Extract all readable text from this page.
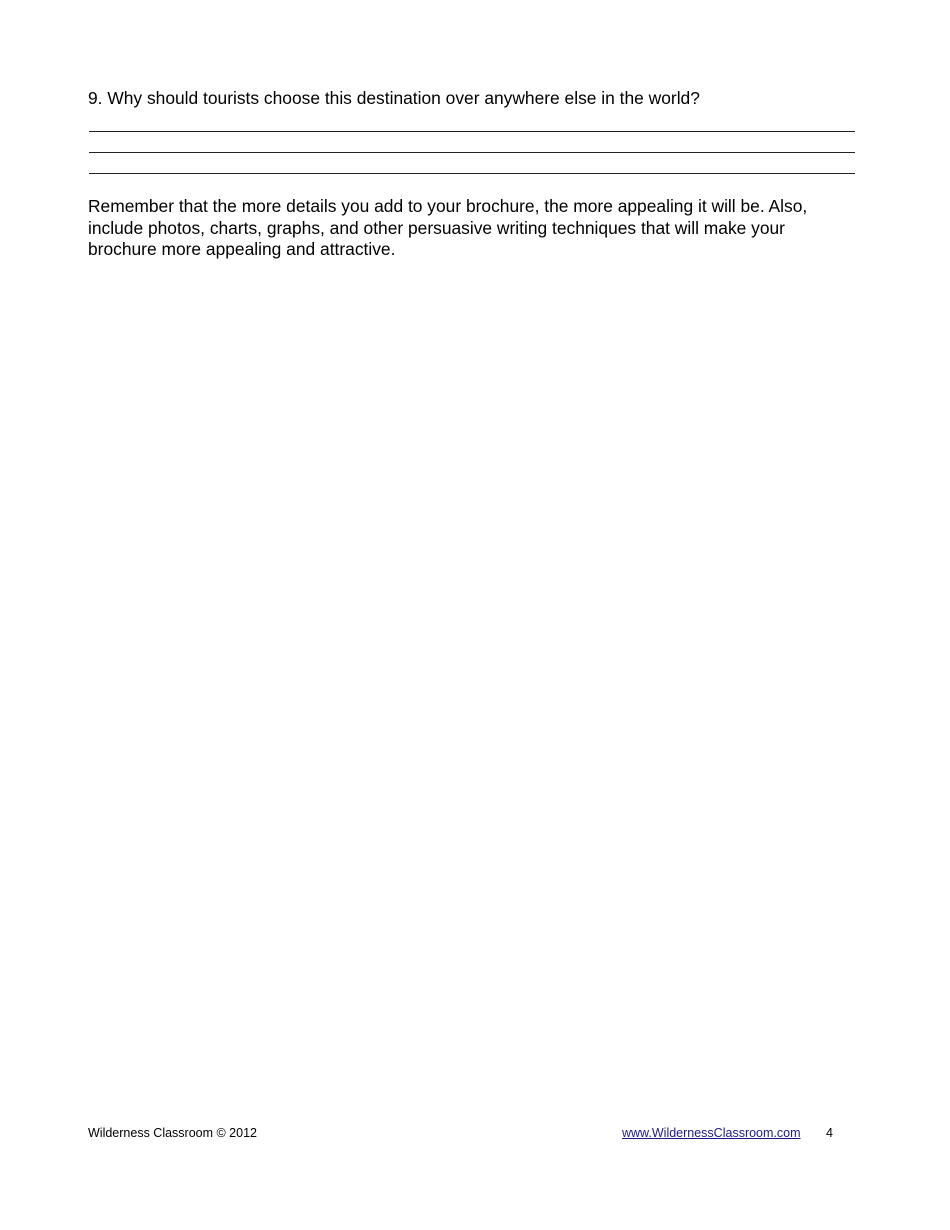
9. Why should tourists choose this destination over anywhere else in the world?

Remember that the more details you add to your brochure, the more appealing it will be. Also,
include photos, charts, graphs, and other persuasive writing techniques that will make your
brochure more appealing and attractive.

Wilderness Classroom © 2012	www.WildernessClassroom.com 4
